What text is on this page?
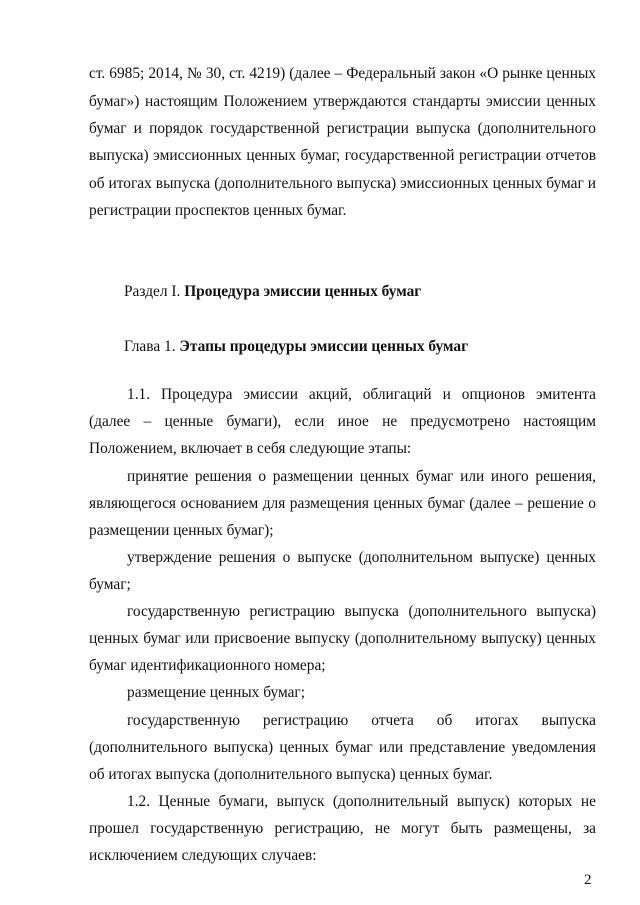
ст. 6985; 2014, № 30, ст. 4219) (далее – Федеральный закон «О рынке ценных
бумаг») настоящим Положением утверждаются стандарты эмиссии ценных
бумаг и порядок государственной регистрации выпуска (дополнительного
выпуска) эмиссионных ценных бумаг, государственной регистрации отчетов
об итогах выпуска (дополнительного выпуска) эмиссионных ценных бумаг и
регистрации проспектов ценных бумаг.
Раздел I. Процедура эмиссии ценных бумаг
Глава 1. Этапы процедуры эмиссии ценных бумаг
1.1. Процедура эмиссии акций, облигаций и опционов эмитента
(далее – ценные бумаги), если иное не предусмотрено настоящим
Положением, включает в себя следующие этапы:
принятие решения о размещении ценных бумаг или иного решения,
являющегося основанием для размещения ценных бумаг (далее – решение о
размещении ценных бумаг);
утверждение решения о выпуске (дополнительном выпуске) ценных
бумаг;
государственную регистрацию выпуска (дополнительного выпуска)
ценных бумаг или присвоение выпуску (дополнительному выпуску) ценных
бумаг идентификационного номера;
размещение ценных бумаг;
государственную регистрацию отчета об итогах выпуска
(дополнительного выпуска) ценных бумаг или представление уведомления
об итогах выпуска (дополнительного выпуска) ценных бумаг.
1.2. Ценные бумаги, выпуск (дополнительный выпуск) которых не
прошел государственную регистрацию, не могут быть размещены, за
исключением следующих случаев:
2
